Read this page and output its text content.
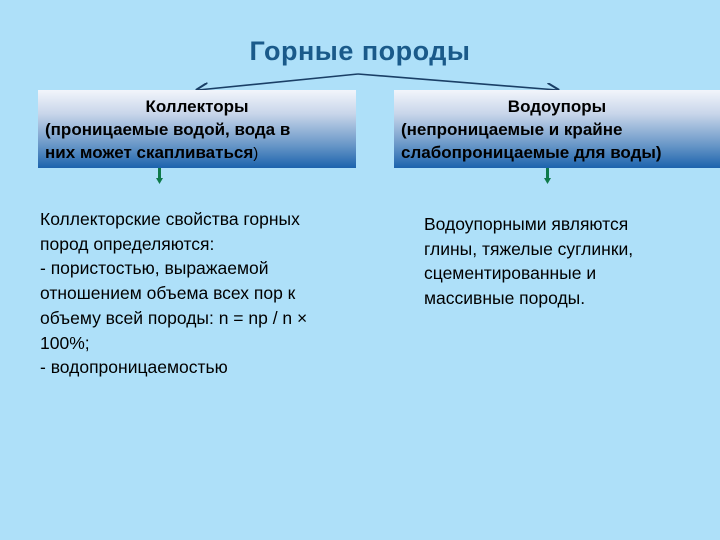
Горные породы
Коллекторы
(проницаемые водой, вода в
них может скапливаться)
Водоупоры
(непроницаемые и крайне
слабопроницаемые для воды)
Коллекторские свойства горных
пород определяются:
- пористостью, выражаемой
отношением объема всех пор к
объему всей породы: n = np / n ×
100%;
- водопроницаемостью
Водоупорными являются
глины, тяжелые суглинки,
сцементированные и
массивные породы.
